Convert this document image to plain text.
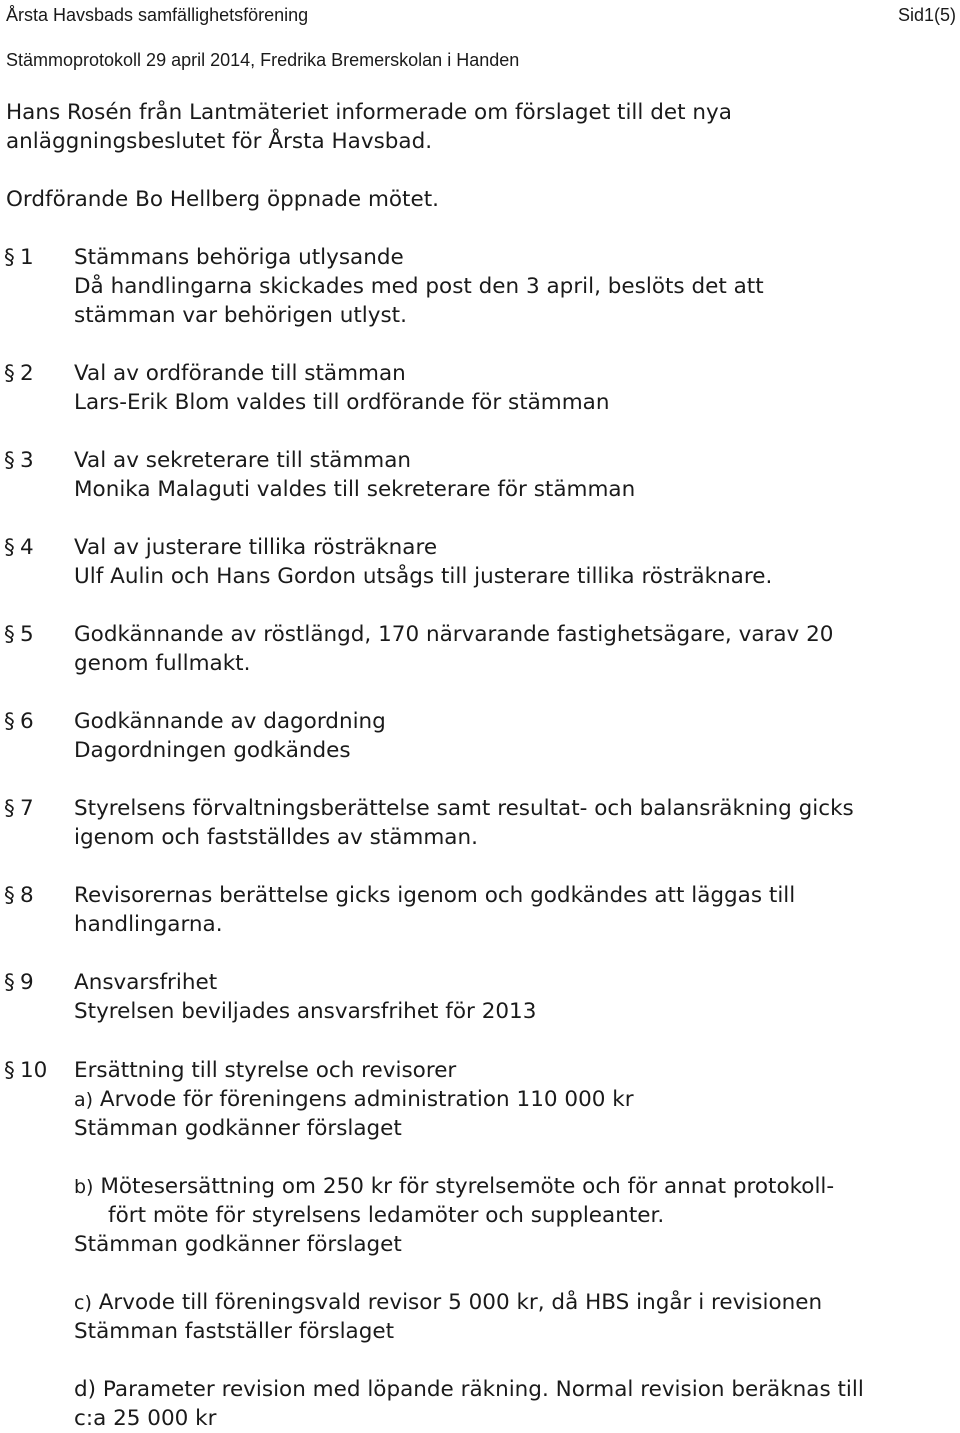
Årsta Havsbads samfällighetsförening	Sid1(5)
Stämmoprotokoll 29 april 2014, Fredrika Bremerskolan i Handen
Hans Rosén från Lantmäteriet informerade om förslaget till det nya
anläggningsbeslutet för Årsta Havsbad.
Ordförande Bo Hellberg öppnade mötet.
§ 1 Stämmans behöriga utlysande
Då handlingarna skickades med post den 3 april, beslöts det att
stämman var behörigen utlyst.
§ 2 Val av ordförande till stämman
Lars-Erik Blom valdes till ordförande för stämman
§ 3 Val av sekreterare till stämman
Monika Malaguti valdes till sekreterare för stämman
§ 4 Val av justerare tillika rösträknare
Ulf Aulin och Hans Gordon utsågs till justerare tillika rösträknare.
§ 5 Godkännande av röstlängd, 170 närvarande fastighetsägare, varav 20
genom fullmakt.
§ 6 Godkännande av dagordning
Dagordningen godkändes
§ 7 Styrelsens förvaltningsberättelse samt resultat- och balansräkning gicks
igenom och fastställdes av stämman.
§ 8 Revisorernas berättelse gicks igenom och godkändes att läggas till
handlingarna.
§ 9 Ansvarsfrihet
Styrelsen beviljades ansvarsfrihet för 2013
§ 10 Ersättning till styrelse och revisorer
a) Arvode för föreningens administration 110 000 kr
Stämman godkänner förslaget
b) Mötesersättning om 250 kr för styrelsemöte och för annat protokoll-
fört möte för styrelsens ledamöter och suppleanter.
Stämman godkänner förslaget
c) Arvode till föreningsvald revisor 5 000 kr, då HBS ingår i revisionen
Stämman fastställer förslaget
d) Parameter revision med löpande räkning. Normal revision beräknas till
c:a 25 000 kr
